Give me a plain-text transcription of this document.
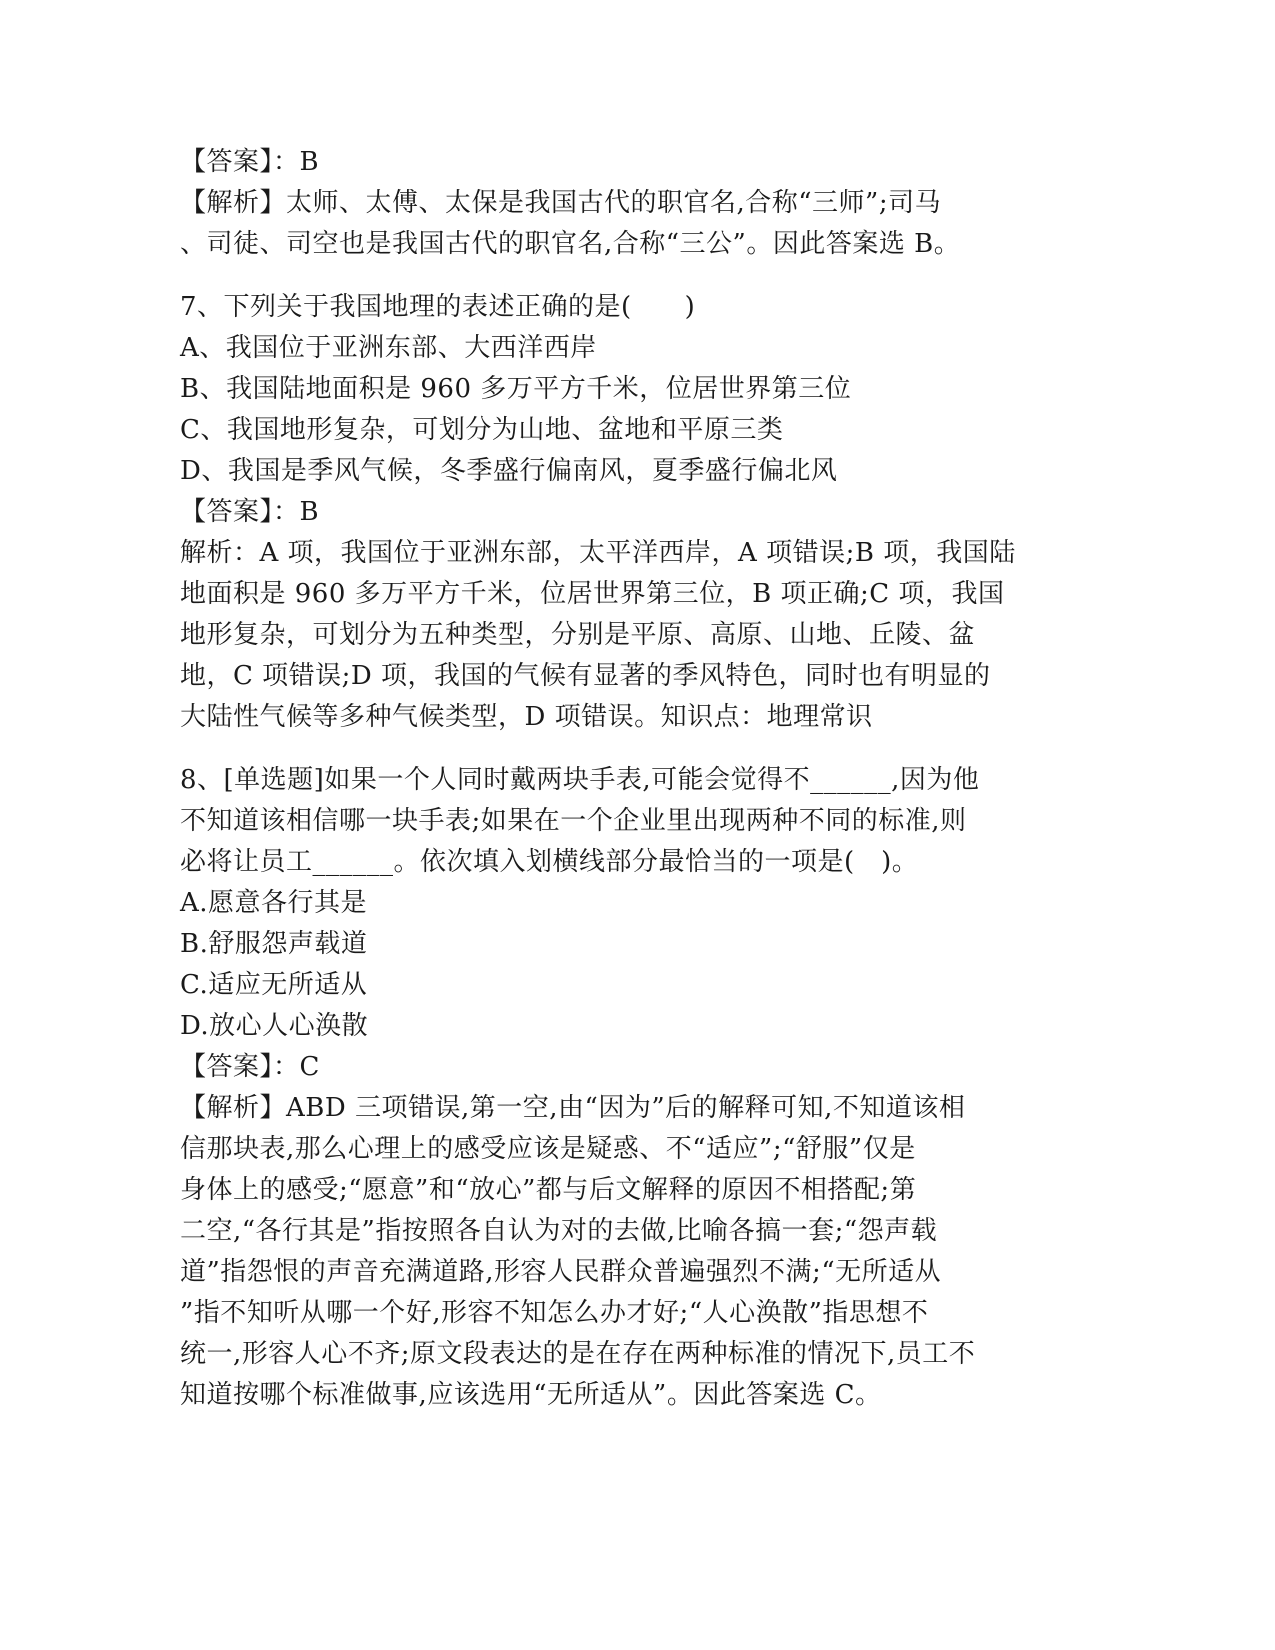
【答案】：B
【解析】太师、太傅、太保是我国古代的职官名,合称“三师”;司马
、司徒、司空也是我国古代的职官名,合称“三公”。因此答案选 B。
7、下列关于我国地理的表述正确的是(　　)
A、我国位于亚洲东部、大西洋西岸
B、我国陆地面积是 960 多万平方千米，位居世界第三位
C、我国地形复杂，可划分为山地、盆地和平原三类
D、我国是季风气候，冬季盛行偏南风，夏季盛行偏北风
【答案】：B
解析：A 项，我国位于亚洲东部，太平洋西岸，A 项错误;B 项，我国陆
地面积是 960 多万平方千米，位居世界第三位，B 项正确;C 项，我国
地形复杂，可划分为五种类型，分别是平原、高原、山地、丘陵、盆
地，C 项错误;D 项，我国的气候有显著的季风特色，同时也有明显的
大陆性气候等多种气候类型，D 项错误。知识点：地理常识
8、[单选题]如果一个人同时戴两块手表,可能会觉得不______,因为他
不知道该相信哪一块手表;如果在一个企业里出现两种不同的标准,则
必将让员工______。依次填入划横线部分最恰当的一项是(　)。
A.愿意各行其是
B.舒服怨声载道
C.适应无所适从
D.放心人心涣散
【答案】：C
【解析】ABD 三项错误,第一空,由“因为”后的解释可知,不知道该相
信那块表,那么心理上的感受应该是疑惑、不“适应”;“舒服”仅是
身体上的感受;“愿意”和“放心”都与后文解释的原因不相搭配;第
二空,“各行其是”指按照各自认为对的去做,比喻各搞一套;“怨声载
道”指怨恨的声音充满道路,形容人民群众普遍强烈不满;“无所适从
”指不知听从哪一个好,形容不知怎么办才好;“人心涣散”指思想不
统一,形容人心不齐;原文段表达的是在存在两种标准的情况下,员工不
知道按哪个标准做事,应该选用“无所适从”。因此答案选 C。
